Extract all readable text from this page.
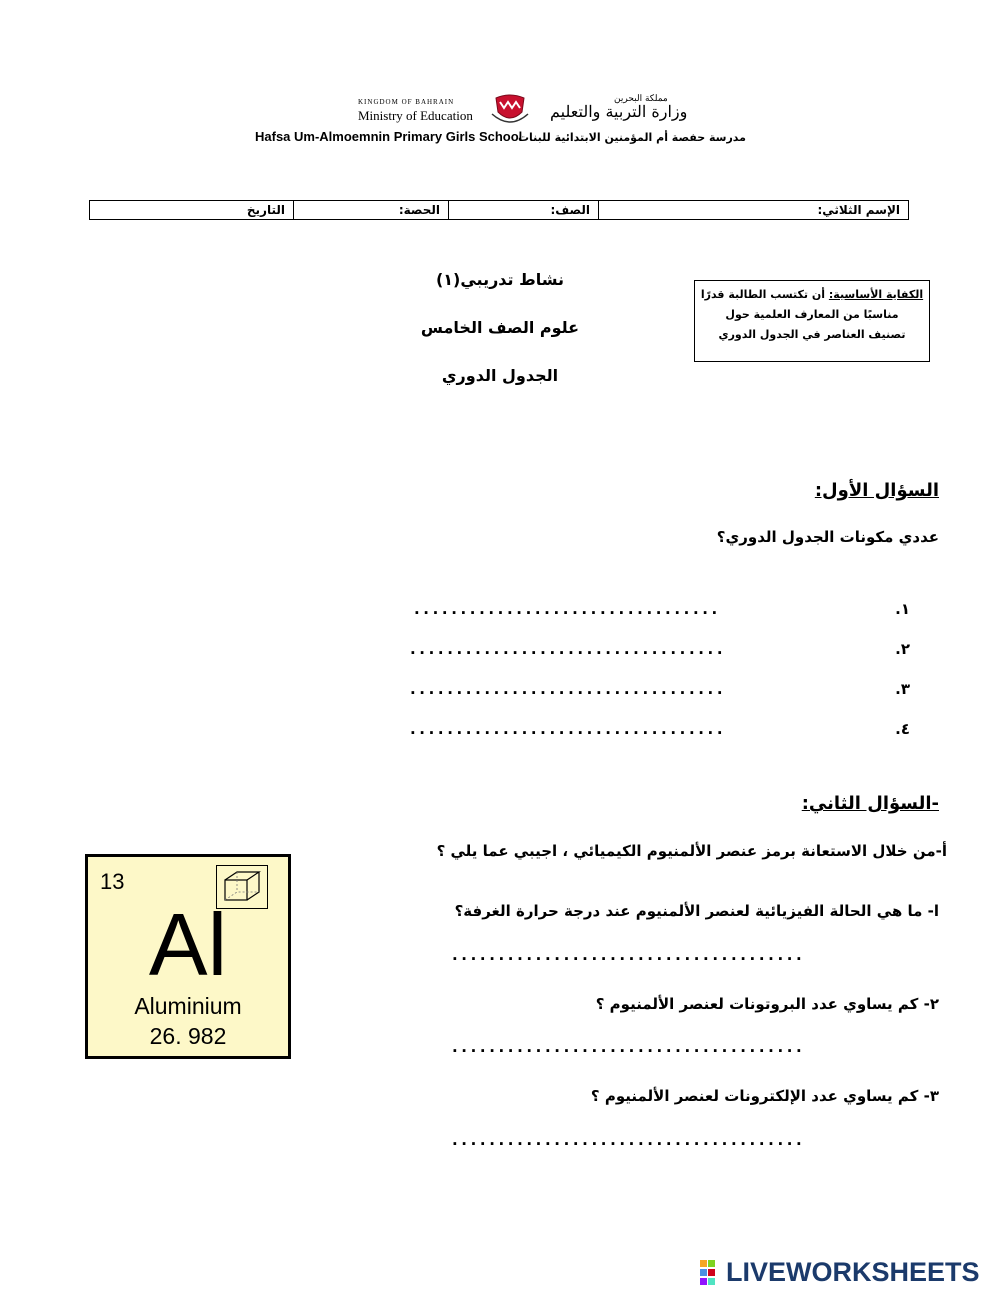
KINGDOM OF BAHRAIN
Ministry of Education
مملكة البحرين
وزارة التربية والتعليم
Hafsa Um-Almoemnin Primary Girls School
مدرسة حفصة أم المؤمنين الابتدائية للبنات
الإسم الثلاثي:
الصف:
الحصة:
التاريخ
نشاط تدريبي(١)
علوم الصف الخامس
الجدول الدوري
الكفاية الأساسية: أن تكتسب الطالبة قدرًا
مناسبًا من المعارف العلمية حول
تصنيف العناصر في الجدول الدوري
السؤال الأول:
عددي مكونات الجدول الدوري؟
.................................	١.
..................................	٢.
..................................	٣.
..................................	٤.
-السؤال الثاني:
أ-من خلال الاستعانة برمز عنصر الألمنيوم الكيميائي ، اجيبي عما يلي ؟
ا- ما هي الحالة الفيزيائية لعنصر الألمنيوم عند درجة حرارة الغرفة؟
......................................
٢- كم يساوي عدد البروتونات لعنصر الألمنيوم ؟
......................................
٣- كم يساوي عدد الإلكترونات لعنصر الألمنيوم ؟
......................................
13
Al
Aluminium
26. 982
LIVEWORKSHEETS
